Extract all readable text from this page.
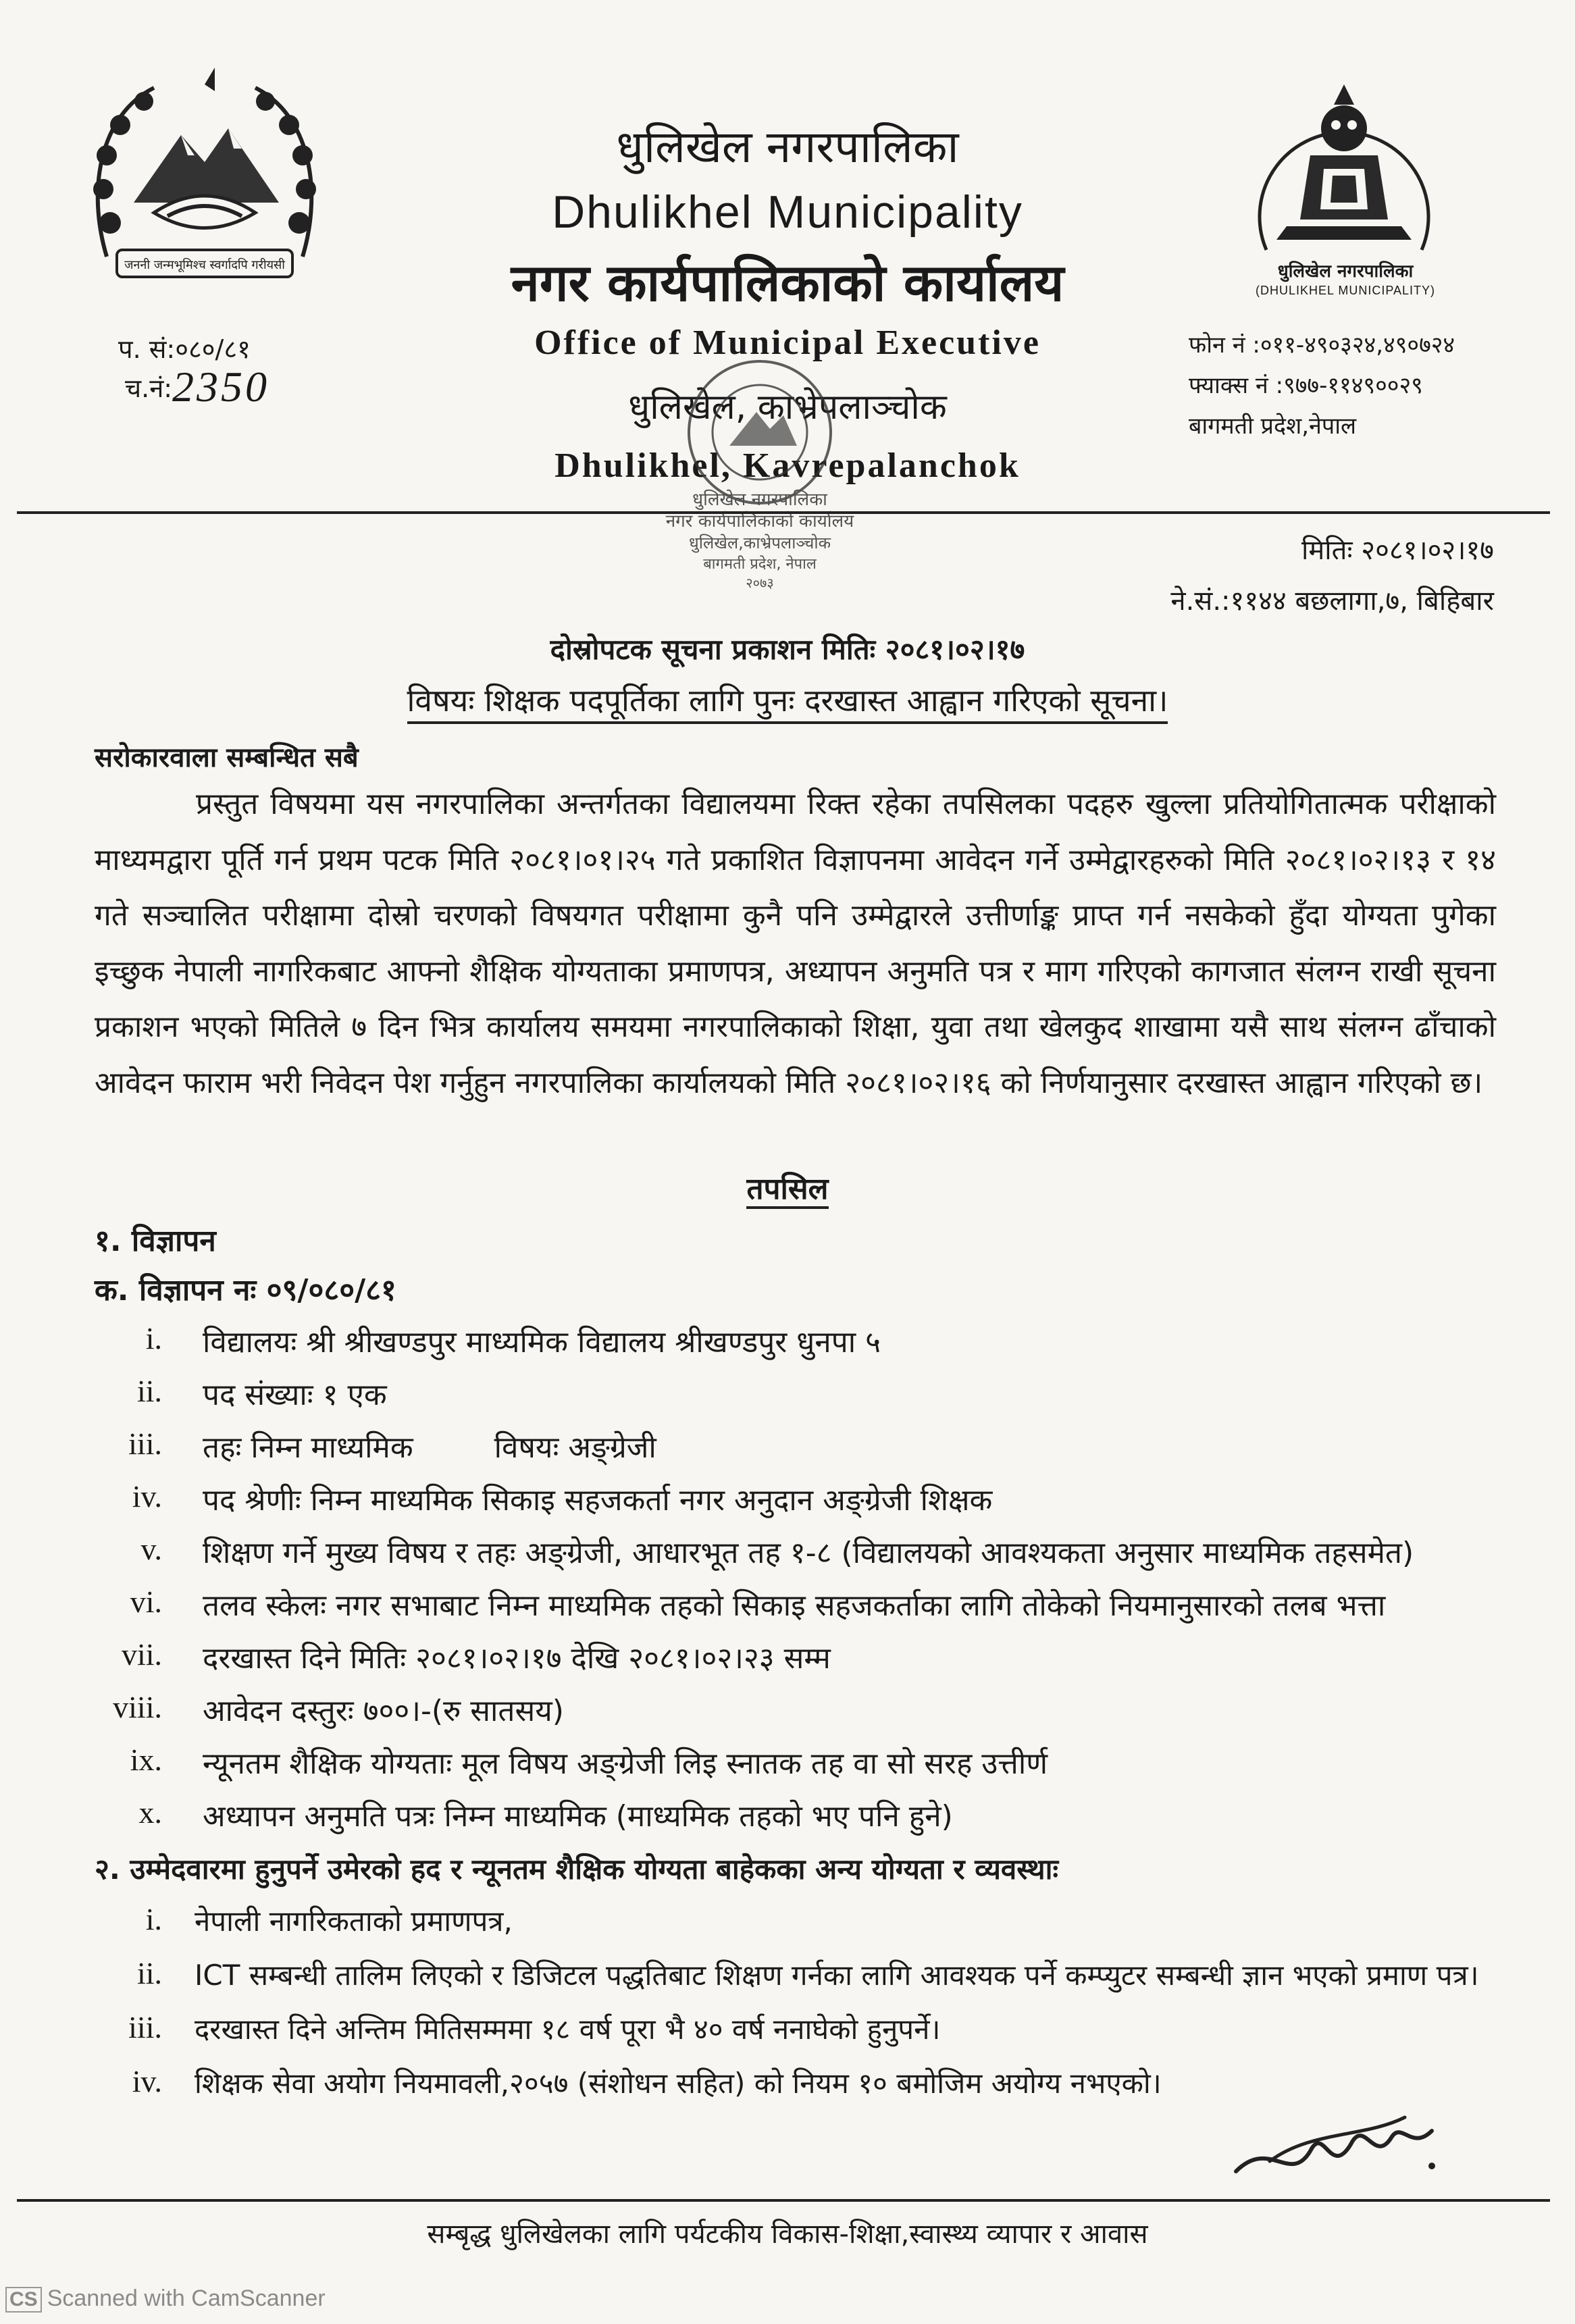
जननी जन्मभूमिश्च स्वर्गादपि गरीयसी	धुलिखेल नगरपालिका
(DHULIKHEL MUNICIPALITY)
धुलिखेल नगरपालिका
Dhulikhel Municipality
नगर कार्यपालिकाको कार्यालय
Office of Municipal Executive
धुलिखेल, काभ्रेपलाञ्चोक
Dhulikhel, Kavrepalanchok
प. सं:०८०/८१
च.नं: 2350
फोन नं :०११-४९०३२४,४९०७२४
फ्याक्स नं :९७७-११४९००२९
बागमती प्रदेश,नेपाल
धुलिखेल नगरपालिका
नगर कार्यपालिकाको कार्यालय
धुलिखेल,काभ्रेपलाञ्चोक
बागमती प्रदेश, नेपाल
२०७३
मितिः २०८१।०२।१७
ने.सं.:११४४ बछलागा,७, बिहिबार
दोस्रोपटक सूचना प्रकाशन मितिः २०८१।०२।१७
विषयः शिक्षक पदपूर्तिका लागि पुनः दरखास्त आह्वान गरिएको सूचना।
सरोकारवाला सम्बन्धित सबै
प्रस्तुत विषयमा यस नगरपालिका अन्तर्गतका विद्यालयमा रिक्त रहेका तपसिलका पदहरु खुल्ला प्रतियोगितात्मक परीक्षाको माध्यमद्वारा पूर्ति गर्न प्रथम पटक मिति २०८१।०१।२५ गते प्रकाशित विज्ञापनमा आवेदन गर्ने उम्मेद्वारहरुको मिति २०८१।०२।१३ र १४ गते सञ्चालित परीक्षामा दोस्रो चरणको विषयगत परीक्षामा कुनै पनि उम्मेद्वारले उत्तीर्णाङ्क प्राप्त गर्न नसकेको हुँदा योग्यता पुगेका इच्छुक नेपाली नागरिकबाट आफ्नो शैक्षिक योग्यताका प्रमाणपत्र, अध्यापन अनुमति पत्र र माग गरिएको कागजात संलग्न राखी सूचना प्रकाशन भएको मितिले ७ दिन भित्र कार्यालय समयमा नगरपालिकाको शिक्षा, युवा तथा खेलकुद शाखामा यसै साथ संलग्न ढाँचाको आवेदन फाराम भरी निवेदन पेश गर्नुहुन नगरपालिका कार्यालयको मिति २०८१।०२।१६ को निर्णयानुसार दरखास्त आह्वान गरिएको छ।
तपसिल
१. विज्ञापन
क. विज्ञापन नः ०९/०८०/८१
i. विद्यालयः श्री श्रीखण्डपुर माध्यमिक विद्यालय श्रीखण्डपुर धुनपा ५
ii. पद संख्याः १ एक
iii. तहः निम्न माध्यमिक	विषयः अङ्ग्रेजी
iv. पद श्रेणीः निम्न माध्यमिक सिकाइ सहजकर्ता नगर अनुदान अङ्ग्रेजी शिक्षक
v. शिक्षण गर्ने मुख्य विषय र तहः अङ्ग्रेजी, आधारभूत तह १-८ (विद्यालयको आवश्यकता अनुसार माध्यमिक तहसमेत)
vi. तलव स्केलः नगर सभाबाट निम्न माध्यमिक तहको सिकाइ सहजकर्ताका लागि तोकेको नियमानुसारको तलब भत्ता
vii. दरखास्त दिने मितिः २०८१।०२।१७ देखि २०८१।०२।२३ सम्म
viii. आवेदन दस्तुरः ७००।-(रु सातसय)
ix. न्यूनतम शैक्षिक योग्यताः मूल विषय अङ्ग्रेजी लिइ स्नातक तह वा सो सरह उत्तीर्ण
x. अध्यापन अनुमति पत्रः निम्न माध्यमिक (माध्यमिक तहको भए पनि हुने)
२. उम्मेदवारमा हुनुपर्ने उमेरको हद र न्यूनतम शैक्षिक योग्यता बाहेकका अन्य योग्यता र व्यवस्थाः
i. नेपाली नागरिकताको प्रमाणपत्र,
ii. ICT सम्बन्धी तालिम लिएको र डिजिटल पद्धतिबाट शिक्षण गर्नका लागि आवश्यक पर्ने कम्प्युटर सम्बन्धी ज्ञान भएको प्रमाण पत्र।
iii. दरखास्त दिने अन्तिम मितिसम्ममा १८ वर्ष पूरा भै ४० वर्ष ननाघेको हुनुपर्ने।
iv. शिक्षक सेवा अयोग नियमावली,२०५७ (संशोधन सहित) को नियम १० बमोजिम अयोग्य नभएको।
सम्बृद्ध धुलिखेलका लागि पर्यटकीय विकास-शिक्षा,स्वास्थ्य व्यापार र आवास
CS Scanned with CamScanner
